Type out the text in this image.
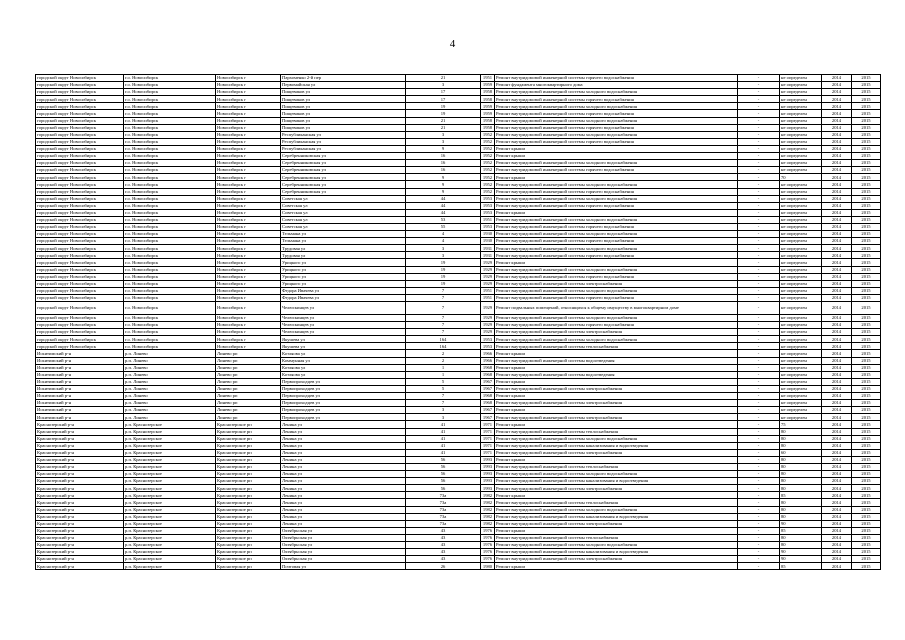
4
городской округ Новосибирск	г.о. Новосибирск	Новосибирск г	Пархоменко 2-й пер	21	1951	Ремонт внутридомовой инженерной системы горячего водоснабжения	-	не определен	2014	2015
городской округ Новосибирск	г.о. Новосибирск	Новосибирск г	Первомайская ул	3	1959	Ремонт фундамента многоквартирного дома	-	не определен	2014	2015
городской округ Новосибирск	г.о. Новосибирск	Новосибирск г	Пищевиков ул	17	1958	Ремонт внутридомовой инженерной системы холодного водоснабжения	-	не определен	2014	2015
городской округ Новосибирск	г.о. Новосибирск	Новосибирск г	Пищевиков ул	17	1958	Ремонт внутридомовой инженерной системы горячего водоснабжения	-	не определен	2014	2015
городской округ Новосибирск	г.о. Новосибирск	Новосибирск г	Пищевиков ул	19	1959	Ремонт внутридомовой инженерной системы холодного водоснабжения	-	не определен	2014	2015
городской округ Новосибирск	г.о. Новосибирск	Новосибирск г	Пищевиков ул	19	1959	Ремонт внутридомовой инженерной системы горячего водоснабжения	-	не определен	2014	2015
городской округ Новосибирск	г.о. Новосибирск	Новосибирск г	Пищевиков ул	21	1958	Ремонт внутридомовой инженерной системы холодного водоснабжения	-	не определен	2014	2015
городской округ Новосибирск	г.о. Новосибирск	Новосибирск г	Пищевиков ул	21	1958	Ремонт внутридомовой инженерной системы горячего водоснабжения	-	не определен	2014	2015
городской округ Новосибирск	г.о. Новосибирск	Новосибирск г	Республиканская ул	3	1952	Ремонт внутридомовой инженерной системы холодного водоснабжения	-	не определен	2014	2015
городской округ Новосибирск	г.о. Новосибирск	Новосибирск г	Республиканская ул	3	1952	Ремонт внутридомовой инженерной системы горячего водоснабжения	-	не определен	2014	2015
городской округ Новосибирск	г.о. Новосибирск	Новосибирск г	Республиканская ул	9	1952	Ремонт крыши	-	не определен	2014	2015
городской округ Новосибирск	г.о. Новосибирск	Новосибирск г	Серебренниковская ул	16	1952	Ремонт крыши	-	не определен	2014	2015
городской округ Новосибирск	г.о. Новосибирск	Новосибирск г	Серебренниковская ул	16	1952	Ремонт внутридомовой инженерной системы холодного водоснабжения	-	не определен	2014	2015
городской округ Новосибирск	г.о. Новосибирск	Новосибирск г	Серебренниковская ул	16	1952	Ремонт внутридомовой инженерной системы горячего водоснабжения	-	не определен	2014	2015
городской округ Новосибирск	г.о. Новосибирск	Новосибирск г	Серебренниковская ул	9	1952	Ремонт крыши	-	70	2014	2015
городской округ Новосибирск	г.о. Новосибирск	Новосибирск г	Серебренниковская ул	9	1952	Ремонт внутридомовой инженерной системы холодного водоснабжения	-	не определен	2014	2015
городской округ Новосибирск	г.о. Новосибирск	Новосибирск г	Серебренниковская ул	9	1952	Ремонт внутридомовой инженерной системы горячего водоснабжения	-	не определен	2014	2015
городской округ Новосибирск	г.о. Новосибирск	Новосибирск г	Советская ул	44	1953	Ремонт внутридомовой инженерной системы холодного водоснабжения	-	не определен	2014	2015
городской округ Новосибирск	г.о. Новосибирск	Новосибирск г	Советская ул	44	1953	Ремонт внутридомовой инженерной системы горячего водоснабжения	-	не определен	2014	2015
городской округ Новосибирск	г.о. Новосибирск	Новосибирск г	Советская ул	44	1953	Ремонт крыши	-	не определен	2014	2015
городской округ Новосибирск	г.о. Новосибирск	Новосибирск г	Советская ул	53	1951	Ремонт внутридомовой инженерной системы холодного водоснабжения	-	не определен	2014	2015
городской округ Новосибирск	г.о. Новосибирск	Новосибирск г	Советская ул	55	1953	Ремонт внутридомовой инженерной системы горячего водоснабжения	-	не определен	2014	2015
городской округ Новосибирск	г.о. Новосибирск	Новосибирск г	Тельмана ул	4	1930	Ремонт внутридомовой инженерной системы холодного водоснабжения	-	не определен	2014	2015
городской округ Новосибирск	г.о. Новосибирск	Новосибирск г	Тельмана ул	4	1930	Ремонт внутридомовой инженерной системы горячего водоснабжения	-	не определен	2014	2015
городской округ Новосибирск	г.о. Новосибирск	Новосибирск г	Трудовая ул	3	1931	Ремонт внутридомовой инженерной системы холодного водоснабжения	-	не определен	2014	2015
городской округ Новосибирск	г.о. Новосибирск	Новосибирск г	Трудовая ул	3	1931	Ремонт внутридомовой инженерной системы горячего водоснабжения	-	не определен	2014	2015
городской округ Новосибирск	г.о. Новосибирск	Новосибирск г	Урицкого ул	19	1929	Ремонт крыши	-	не определен	2014	2015
городской округ Новосибирск	г.о. Новосибирск	Новосибирск г	Урицкого ул	19	1929	Ремонт внутридомовой инженерной системы холодного водоснабжения	-	не определен	2014	2015
городской округ Новосибирск	г.о. Новосибирск	Новосибирск г	Урицкого ул	19	1929	Ремонт внутридомовой инженерной системы горячего водоснабжения	-	не определен	2014	2015
городской округ Новосибирск	г.о. Новосибирск	Новосибирск г	Урицкого ул	19	1929	Ремонт внутридомовой инженерной системы электроснабжения	-	не определен	2014	2015
городской округ Новосибирск	г.о. Новосибирск	Новосибирск г	Федора Ивачева ул	7	1951	Ремонт внутридомовой инженерной системы холодного водоснабжения	-	не определен	2014	2015
городской округ Новосибирск	г.о. Новосибирск	Новосибирск г	Федора Ивачева ул	7	1951	Ремонт внутридомовой инженерной системы горячего водоснабжения	-	не определен	2014	2015
городской округ Новосибирск	г.о. Новосибирск	Новосибирск г	Челюскинцев ул	7	1929	Ремонт подвальных помещений, относящихся к общему имуществу в многоквартирном доме	-	не определен	2014	2015
городской округ Новосибирск	г.о. Новосибирск	Новосибирск г	Челюскинцев ул	7	1929	Ремонт внутридомовой инженерной системы холодного водоснабжения	-	не определен	2014	2015
городской округ Новосибирск	г.о. Новосибирск	Новосибирск г	Челюскинцев ул	7	1929	Ремонт внутридомовой инженерной системы горячего водоснабжения	-	не определен	2014	2015
городской округ Новосибирск	г.о. Новосибирск	Новосибирск г	Челюскинцев ул	7	1929	Ремонт внутридомовой инженерной системы электроснабжения	-	не определен	2014	2015
городской округ Новосибирск	г.о. Новосибирск	Новосибирск г	Якушева ул	164	1953	Ремонт внутридомовой инженерной системы холодного водоснабжения	-	не определен	2014	2015
городской округ Новосибирск	г.о. Новосибирск	Новосибирск г	Якушева ул	164	1953	Ремонт внутридомовой инженерной системы теплоснабжения	-	не определен	2014	2015
Искитимский р-н	р.п. Линево	Линево рп	Котляова ул	2	1966	Ремонт крыши	-	не определен	2014	2015
Искитимский р-н	р.п. Линево	Линево рп	Коммунная ул	2	1966	Ремонт внутридомовой инженерной системы водоотведения	-	не определен	2014	2015
Искитимский р-н	р.п. Линево	Линево рп	Котляова ул	1	1968	Ремонт крыши	-	не определен	2014	2015
Искитимский р-н	р.п. Линево	Линево рп	Котляова ул	1	1968	Ремонт внутридомовой инженерной системы водоотведения	-	не определен	2014	2015
Искитимский р-н	р.п. Линево	Линево рп	Первопроходцев ул	5	1967	Ремонт крыши	-	не определен	2014	2015
Искитимский р-н	р.п. Линево	Линево рп	Первопроходцев ул	5	1967	Ремонт внутридомовой инженерной системы электроснабжения	-	не определен	2014	2015
Искитимский р-н	р.п. Линево	Линево рп	Первопроходцев ул	7	1968	Ремонт крыши	-	не определен	2014	2015
Искитимский р-н	р.п. Линево	Линево рп	Первопроходцев ул	7	1968	Ремонт внутридомовой инженерной системы электроснабжения	-	не определен	2014	2015
Искитимский р-н	р.п. Линево	Линево рп	Первопроходцев ул	3	1967	Ремонт крыши	-	не определен	2014	2015
Искитимский р-н	р.п. Линево	Линево рп	Первопроходцев ул	3	1967	Ремонт внутридомовой инженерной системы электроснабжения	-	не определен	2014	2015
Краснозерский р-н	р.п. Краснозерское	Краснозерское рп	Ленина ул	41	1971	Ремонт крыши	-	75	2014	2015
Краснозерский р-н	р.п. Краснозерское	Краснозерское рп	Ленина ул	41	1971	Ремонт внутридомовой инженерной системы теплоснабжения	-	80	2014	2015
Краснозерский р-н	р.п. Краснозерское	Краснозерское рп	Ленина ул	41	1971	Ремонт внутридомовой инженерной системы холодного водоснабжения	-	80	2014	2015
Краснозерский р-н	р.п. Краснозерское	Краснозерское рп	Ленина ул	41	1971	Ремонт внутридомовой инженерной системы канализования и водоотведения	-	80	2014	2015
Краснозерский р-н	р.п. Краснозерское	Краснозерское рп	Ленина ул	41	1971	Ремонт внутридомовой инженерной системы электроснабжения	-	60	2014	2015
Краснозерский р-н	р.п. Краснозерское	Краснозерское рп	Ленина ул	56	1993	Ремонт крыши	-	80	2014	2015
Краснозерский р-н	р.п. Краснозерское	Краснозерское рп	Ленина ул	56	1993	Ремонт внутридомовой инженерной системы теплоснабжения	-	80	2014	2015
Краснозерский р-н	р.п. Краснозерское	Краснозерское рп	Ленина ул	56	1993	Ремонт внутридомовой инженерной системы холодного водоснабжения	-	80	2014	2015
Краснозерский р-н	р.п. Краснозерское	Краснозерское рп	Ленина ул	56	1993	Ремонт внутридомовой инженерной системы канализования и водоотведения	-	80	2014	2015
Краснозерский р-н	р.п. Краснозерское	Краснозерское рп	Ленина ул	56	1993	Ремонт внутридомовой инженерной системы электроснабжения	-	80	2014	2015
Краснозерский р-н	р.п. Краснозерское	Краснозерское рп	Ленина ул	73а	1982	Ремонт крыши	-	85	2014	2015
Краснозерский р-н	р.п. Краснозерское	Краснозерское рп	Ленина ул	73а	1982	Ремонт внутридомовой инженерной системы теплоснабжения	-	80	2014	2015
Краснозерский р-н	р.п. Краснозерское	Краснозерское рп	Ленина ул	73а	1982	Ремонт внутридомовой инженерной системы холодного водоснабжения	-	80	2014	2015
Краснозерский р-н	р.п. Краснозерское	Краснозерское рп	Ленина ул	73а	1982	Ремонт внутридомовой инженерной системы канализования и водоотведения	-	80	2014	2015
Краснозерский р-н	р.п. Краснозерское	Краснозерское рп	Ленина ул	73а	1982	Ремонт внутридомовой инженерной системы электроснабжения	-	90	2014	2015
Краснозерский р-н	р.п. Краснозерское	Краснозерское рп	Октябрьская ул	43	1976	Ремонт крыши	-	85	2014	2015
Краснозерский р-н	р.п. Краснозерское	Краснозерское рп	Октябрьская ул	43	1976	Ремонт внутридомовой инженерной системы теплоснабжения	-	80	2014	2015
Краснозерский р-н	р.п. Краснозерское	Краснозерское рп	Октябрьская ул	43	1976	Ремонт внутридомовой инженерной системы холодного водоснабжения	-	80	2014	2015
Краснозерский р-н	р.п. Краснозерское	Краснозерское рп	Октябрьская ул	43	1976	Ремонт внутридомовой инженерной системы канализования и водоотведения	-	90	2014	2015
Краснозерский р-н	р.п. Краснозерское	Краснозерское рп	Октябрьская ул	43	1976	Ремонт внутридомовой инженерной системы электроснабжения	-	90	2014	2015
Краснозерский р-н	р.п. Краснозерское	Краснозерское рп	Почтовая ул	26	1980	Ремонт крыши	-	85	2014	2015
